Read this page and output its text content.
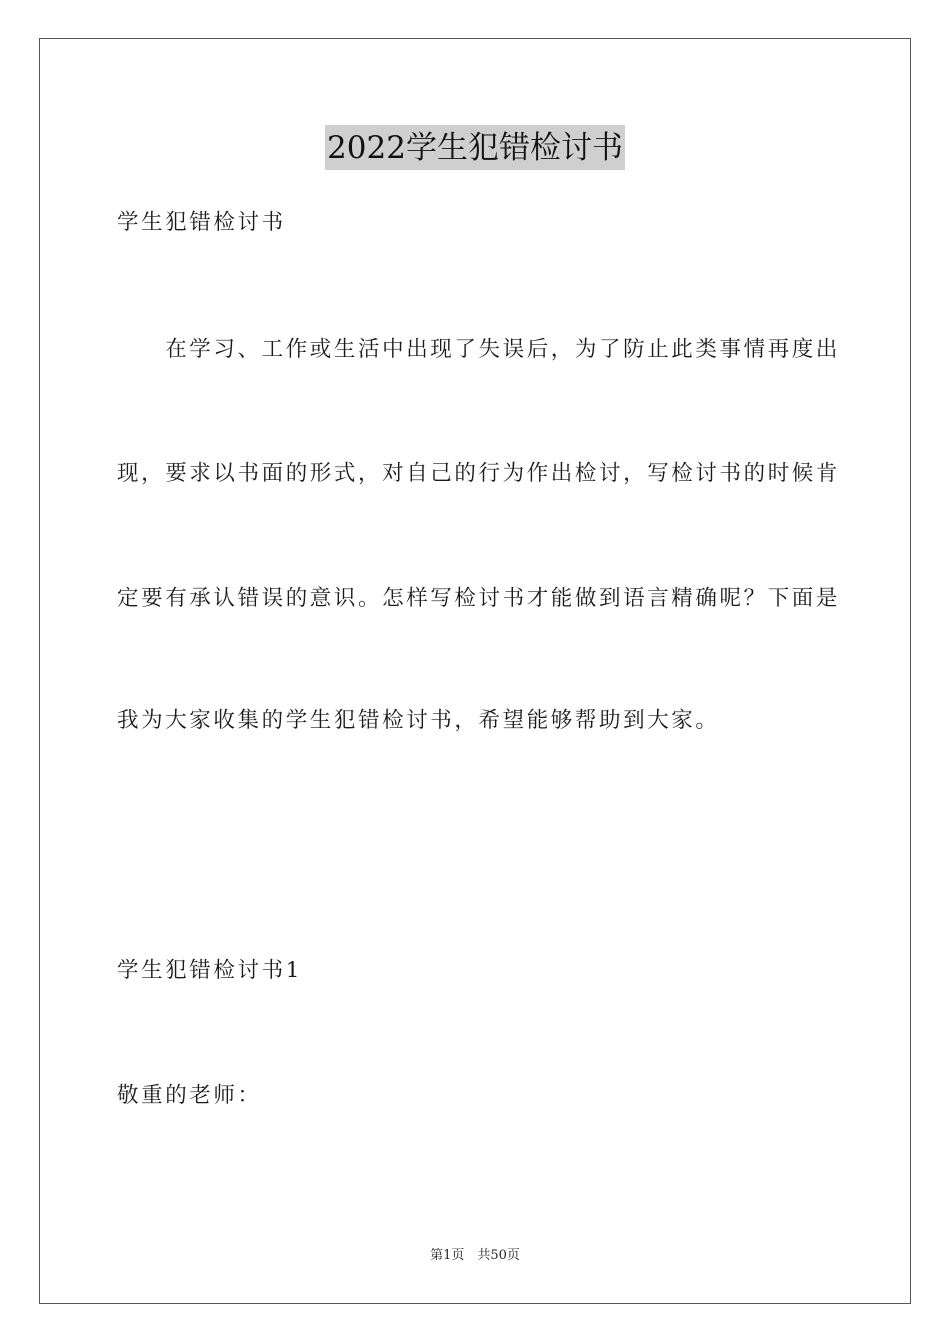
2022学生犯错检讨书
学生犯错检讨书
　　在学习、工作或生活中出现了失误后，为了防止此类事情再度出
现，要求以书面的形式，对自己的行为作出检讨，写检讨书的时候肯
定要有承认错误的意识。怎样写检讨书才能做到语言精确呢？下面是
我为大家收集的学生犯错检讨书，希望能够帮助到大家。
学生犯错检讨书1
敬重的老师：
第1页　共50页
